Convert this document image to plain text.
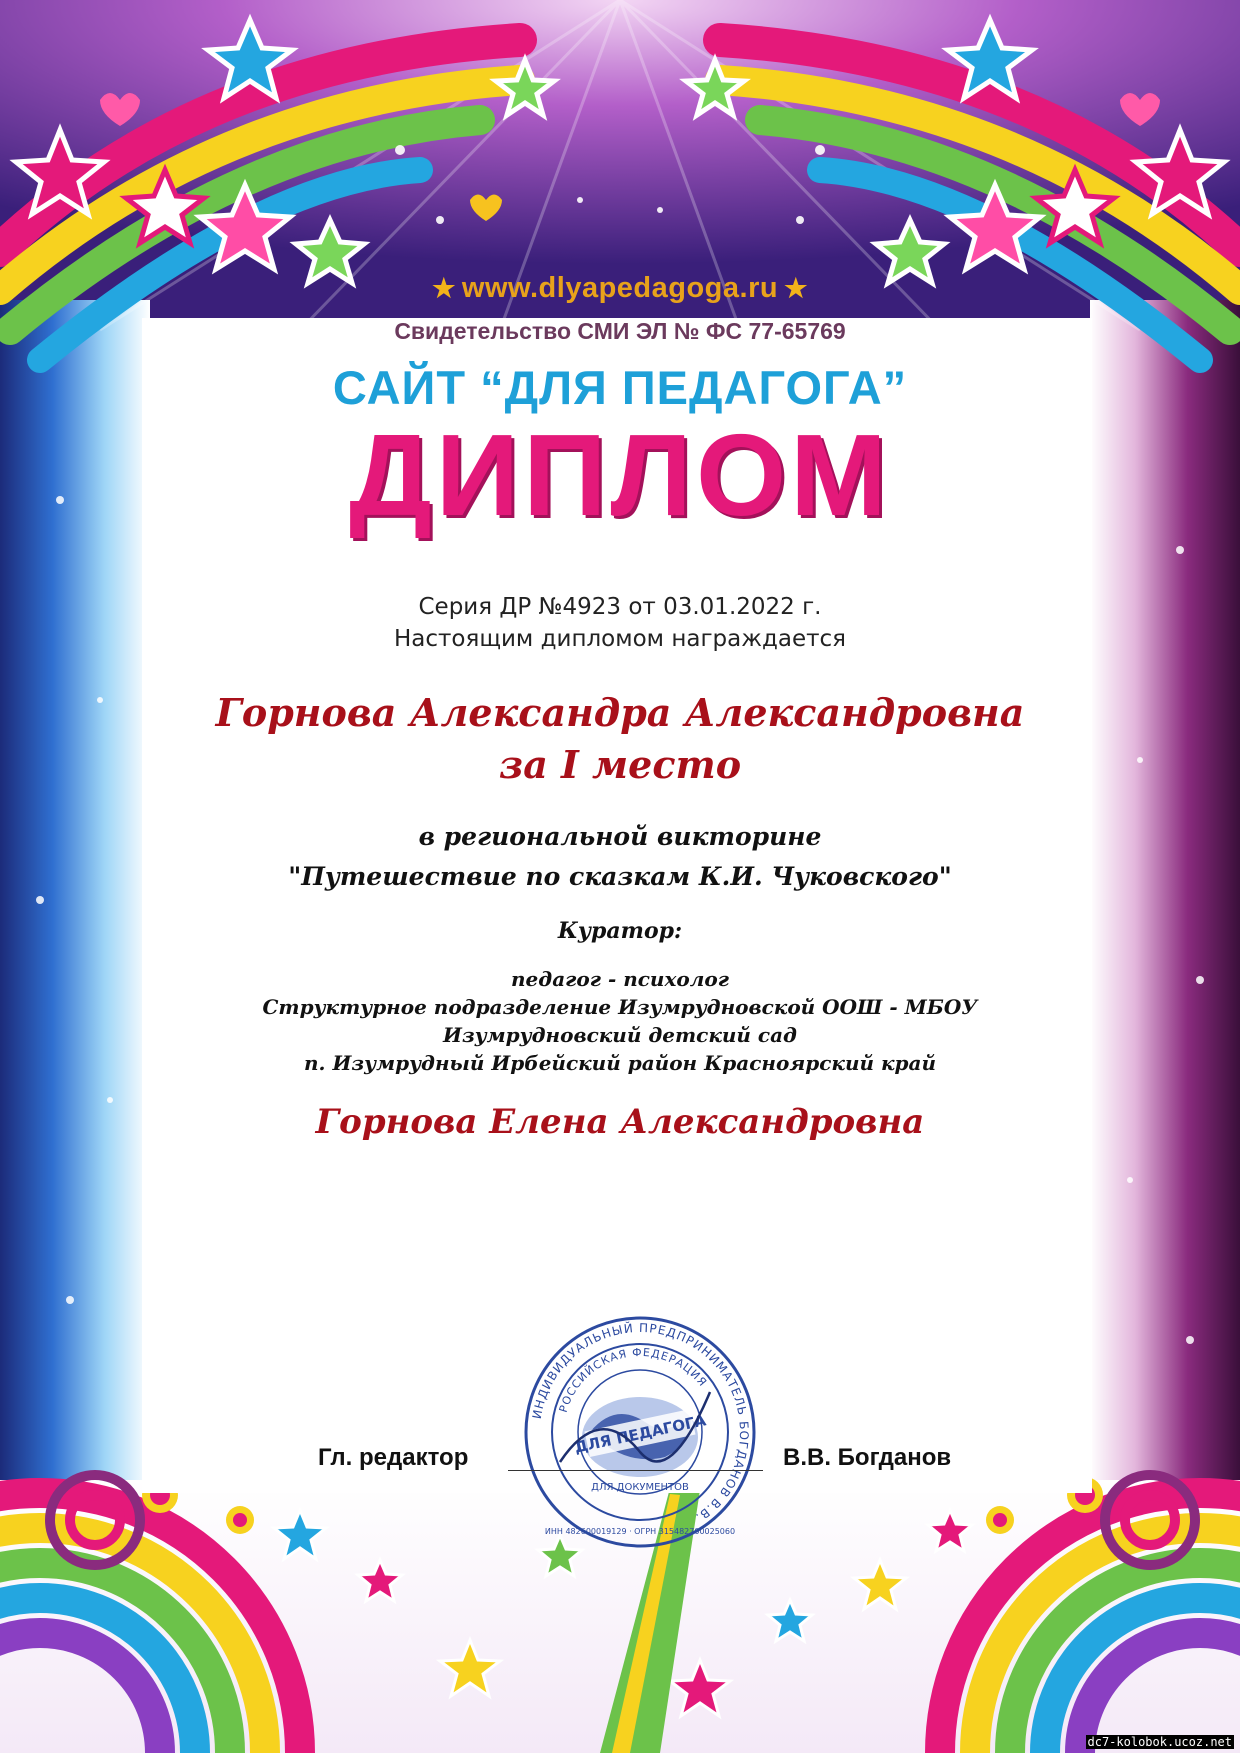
★ www.dlyapedagoga.ru ★
Свидетельство СМИ ЭЛ № ФС 77-65769
САЙТ “ДЛЯ ПЕДАГОГА”
ДИПЛОМ
Серия ДР №4923 от 03.01.2022 г.
Настоящим дипломом награждается
Горнова Александра Александровна
за I место
в региональной викторине
"Путешествие по сказкам К.И. Чуковского"
Куратор:
педагог - психолог
Структурное подразделение Изумрудновской ООШ - МБОУ
Изумрудновский детский сад
п. Изумрудный Ирбейский район Красноярский край
Горнова Елена Александровна
ИНДИВИДУАЛЬНЫЙ ПРЕДПРИНИМАТЕЛЬ БОГДАНОВ В.В.
РОССИЙСКАЯ ФЕДЕРАЦИЯ
ДЛЯ ПЕДАГОГА
ДЛЯ ДОКУМЕНТОВ
ИНН 482600019129 · ОГРН 315482700025060
Гл. редактор	В.В. Богданов
dc7-kolobok.ucoz.net
